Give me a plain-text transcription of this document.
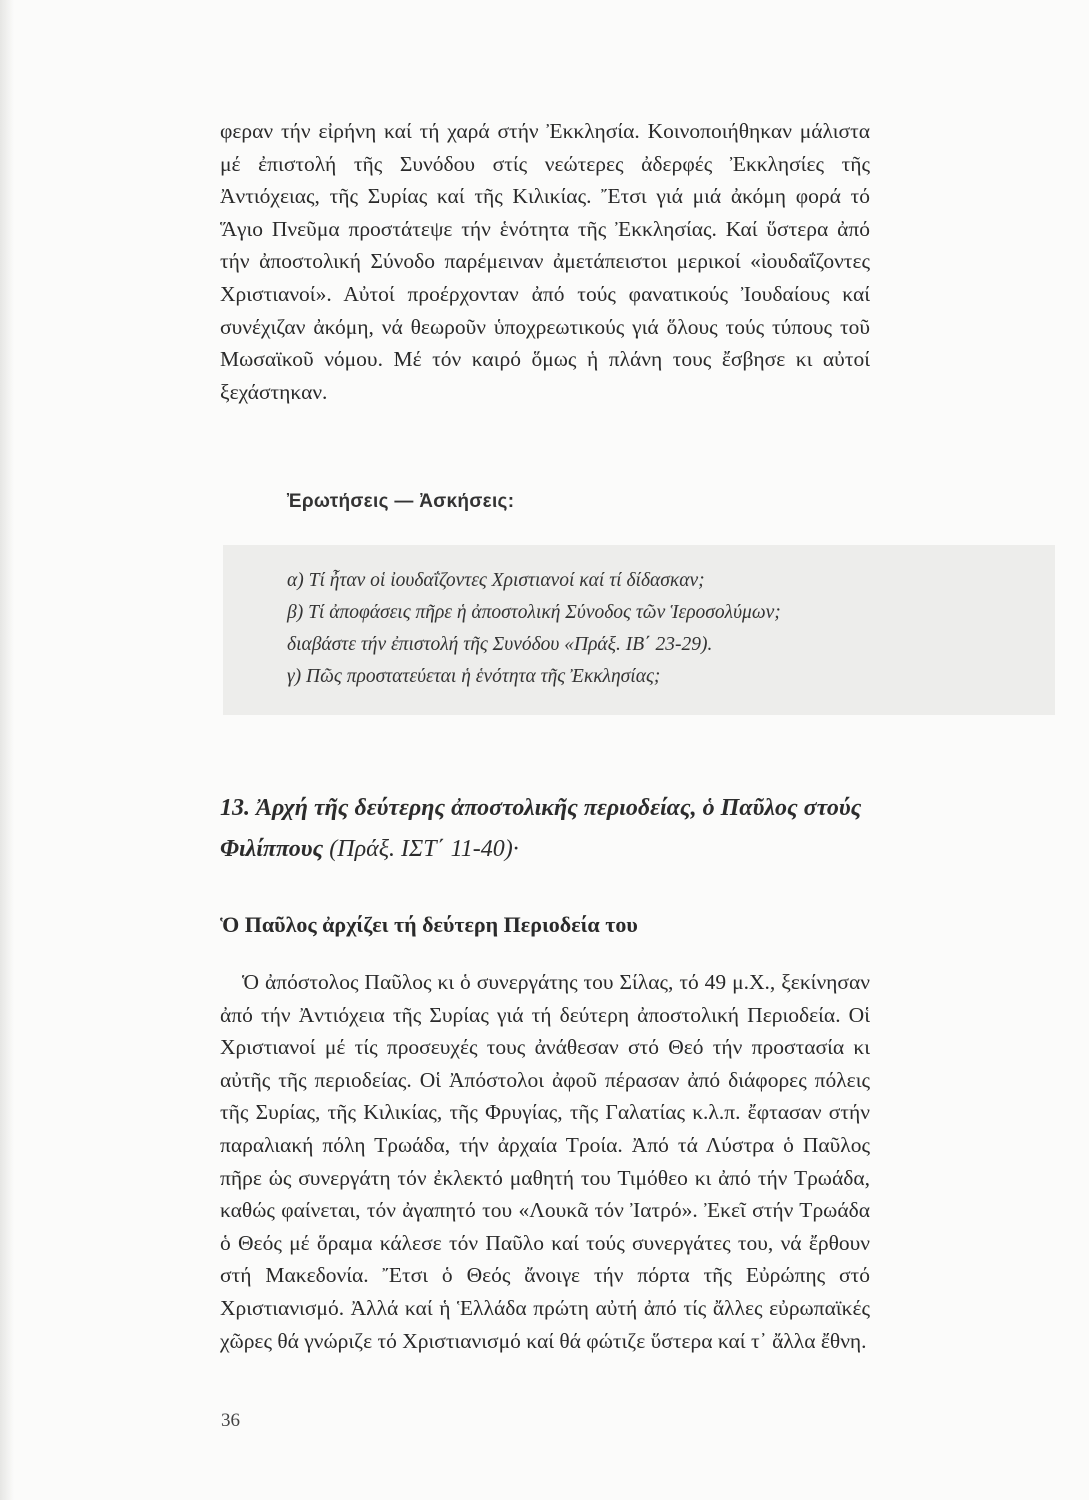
φεραν τήν εἰρήνη καί τή χαρά στήν Ἐκκλησία. Κοινοποιήθηκαν μάλιστα μέ ἐπιστολή τῆς Συνόδου στίς νεώτερες ἀδερφές Ἐκκλησίες τῆς Ἀντιόχειας, τῆς Συρίας καί τῆς Κιλικίας. Ἔτσι γιά μιά ἀκόμη φορά τό Ἅγιο Πνεῦμα προστάτεψε τήν ἑνότητα τῆς Ἐκκλησίας. Καί ὕστερα ἀπό τήν ἀποστολική Σύνοδο παρέμειναν ἀμετάπειστοι μερικοί «ἰουδαΐζοντες Χριστιανοί». Αὐτοί προέρχονταν ἀπό τούς φανατικούς Ἰουδαίους καί συνέχιζαν ἀκόμη, νά θεωροῦν ὑποχρεωτικούς γιά ὅλους τούς τύπους τοῦ Μωσαϊκοῦ νόμου. Μέ τόν καιρό ὅμως ἡ πλάνη τους ἔσβησε κι αὐτοί ξεχάστηκαν.

Ἐρωτήσεις — Ἀσκήσεις:
α) Τί ἦταν οἱ ἰουδαΐζοντες Χριστιανοί καί τί δίδασκαν;
β) Τί ἀποφάσεις πῆρε ἡ ἀποστολική Σύνοδος τῶν Ἱεροσολύμων;
διαβάστε τήν ἐπιστολή τῆς Συνόδου «Πράξ. ΙΒ΄ 23-29).
γ) Πῶς προστατεύεται ἡ ἑνότητα τῆς Ἐκκλησίας;
13. Ἀρχή τῆς δεύτερης ἀποστολικῆς περιοδείας, ὁ Παῦλος στούς Φιλίππους (Πράξ. ΙΣΤ΄ 11-40)·
Ὁ Παῦλος ἀρχίζει τή δεύτερη Περιοδεία του

Ὁ ἀπόστολος Παῦλος κι ὁ συνεργάτης του Σίλας, τό 49 μ.Χ., ξεκίνησαν ἀπό τήν Ἀντιόχεια τῆς Συρίας γιά τή δεύτερη ἀποστολική Περιοδεία. Οἱ Χριστιανοί μέ τίς προσευχές τους ἀνάθεσαν στό Θεό τήν προστασία κι αὐτῆς τῆς περιοδείας. Οἱ Ἀπόστολοι ἀφοῦ πέρασαν ἀπό διάφορες πόλεις τῆς Συρίας, τῆς Κιλικίας, τῆς Φρυγίας, τῆς Γαλατίας κ.λ.π. ἔφτασαν στήν παραλιακή πόλη Τρωάδα, τήν ἀρχαία Τροία. Ἀπό τά Λύστρα ὁ Παῦλος πῆρε ὡς συνεργάτη τόν ἐκλεκτό μαθητή του Τιμόθεο κι ἀπό τήν Τρωάδα, καθώς φαίνεται, τόν ἀγαπητό του «Λουκᾶ τόν Ἰατρό». Ἐκεῖ στήν Τρωάδα ὁ Θεός μέ ὅραμα κάλεσε τόν Παῦλο καί τούς συνεργάτες του, νά ἔρθουν στή Μακεδονία. Ἔτσι ὁ Θεός ἄνοιγε τήν πόρτα τῆς Εὐρώπης στό Χριστιανισμό. Ἀλλά καί ἡ Ἑλλάδα πρώτη αὐτή ἀπό τίς ἄλλες εὐρωπαϊκές χῶρες θά γνώριζε τό Χριστιανισμό καί θά φώτιζε ὕστερα καί τ᾽ ἄλλα ἔθνη.

36
